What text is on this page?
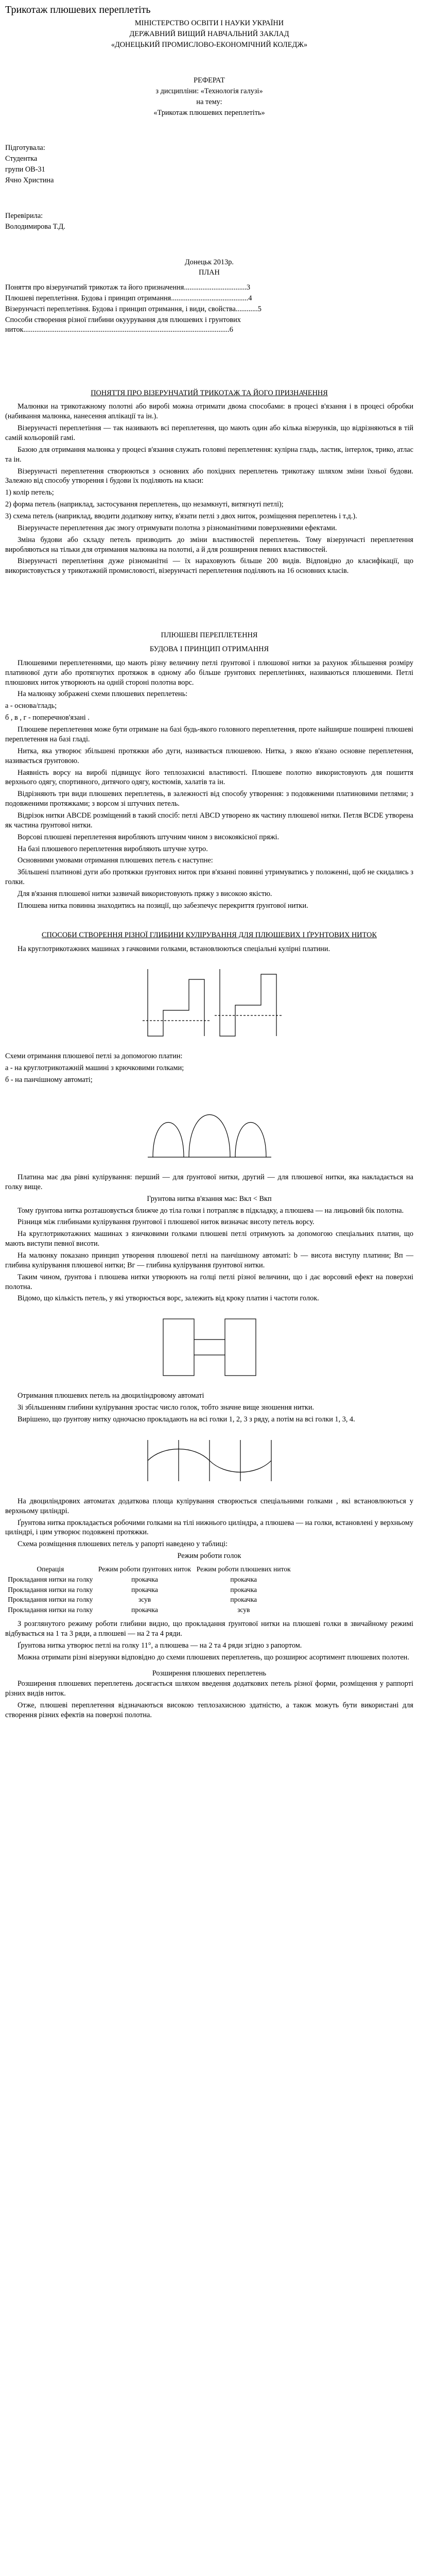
Трикотаж плюшевих переплетіть
МІНІСТЕРСТВО ОСВІТИ І НАУКИ УКРАЇНИ
ДЕРЖАВНИЙ ВИЩИЙ НАВЧАЛЬНИЙ ЗАКЛАД
«ДОНЕЦЬКИЙ ПРОМИСЛОВО-ЕКОНОМІЧНИЙ КОЛЕДЖ»
РЕФЕРАТ
з дисципліни: «Технологія галузі»
на тему:
«Трикотаж плюшевих переплетіть»
Підготувала:
Студентка
групи ОВ-31
Ячно Христина
Перевірила:
Володимирова Т.Д.
Донецьк 2013р.
ПЛАН
Поняття про візерунчатий трикотаж та його призначення..................................3
Плюшеві переплетіння. Будова і принцип отримання..........................................4
Візерунчасті переплетіння. Будова і принцип отримання, і види, свойства............5
Способи створення різної глибини окуурування для плюшевих і грунтових ниток................................................................................................................6
ПОНЯТТЯ ПРО ВІЗЕРУНЧАТИЙ ТРИКОТАЖ ТА ЙОГО ПРИЗНАЧЕННЯ

Малюнки на трикотажному полотні або виробі можна отримати двома способами: в процесі в'язання і в процесі обробки (набивання малюнка, нанесення аплікації та ін.).

Візерунчасті переплетіння — так називають всі переплетення, що мають один або кілька візерунків, що відрізняються в тій самій кольоровій гамі.

Базою для отримання малюнка у процесі в'язання служать головні переплетення: кулірна гладь, ластик, інтерлок, трико, атлас та ін.

Візерунчасті переплетення створюються з основних або похідних переплетень трикотажу шляхом зміни їхньої будови. Залежно від способу утворення і будови їх поділяють на класи:

1) колір петель;

2) форма петель (наприклад, застосування переплетень, що незамкнуті, витягнуті петлі);

3) схема петель (наприклад, вводити додаткову нитку, в'язати петлі з двох ниток, розміщення переплетень і т.д.).

Візерунчасте переплетення дає змогу отримувати полотна з різноманітними поверхневими ефектами.

Зміна будови або складу петель призводить до зміни властивостей переплетень. Тому візерунчасті переплетення виробляються на тільки для отримання малюнка на полотні, а й для розширення певних властивостей.

Візерунчасті переплетіння дуже різноманітні — їх нараховують більше 200 видів. Відповідно до класифікації, що використовується у трикотажній промисловості, візерунчасті переплетення поділяють на 16 основних класів.

ПЛЮШЕВІ ПЕРЕПЛЕТЕННЯ
БУДОВА І ПРИНЦИП ОТРИМАННЯ

Плюшевими переплетеннями, що мають різну величину петлі ґрунтової і плюшової нитки за рахунок збільшення розміру платинової дуги або протягнутих протяжок в одному або більше ґрунтових переплетіннях, називаються плюшевими. Петлі плюшових ниток утворюють на одній стороні полотна ворс.

На малюнку зображені схеми плюшевих переплетень:

а - основа/гладь;

б , в , г - поперечнов'язані .

Плюшеве переплетення може бути отримане на базі будь-якого головного переплетення, проте найширше поширені плюшеві переплетення на базі гладі.

Нитка, яка утворює збільшені протяжки або дуги, називається плюшевою. Нитка, з якою в'язано основне переплетення, називається ґрунтовою.

Наявність ворсу на виробі підвищує його теплозахисні властивості. Плюшеве полотно використовують для пошиття верхнього одягу, спортивного, дитячого одягу, костюмів, халатів та ін.

Відрізняють три види плюшевих переплетень, в залежності від способу утворення: з подовженими платиновими петлями; з подовженими протяжками; з ворсом зі штучних петель.

Відрізок нитки ABCDE розміщений в такий спосіб: петлі ABCD утворено як частину плюшевої нитки. Петля BCDE утворена як частина ґрунтової нитки.

Ворсові плюшеві переплетення виробляють штучним чином з високоякісної пряжі.

На базі плюшевого переплетення виробляють штучне хутро.

Основними умовами отримання плюшевих петель є наступне:

Збільшені платинові дуги або протяжки ґрунтових ниток при в'язанні повинні утримуватись у положенні, щоб не скидались з голки.

Для в'язання плюшевої нитки зазвичай використовують пряжу з високою якістю.

Плюшева нитка повинна знаходитись на позиції, що забезпечує перекриття ґрунтової нитки.

СПОСОБИ СТВОРЕННЯ РІЗНОЇ ГЛИБИНИ КУЛІРУВАННЯ ДЛЯ ПЛЮШЕВИХ І ҐРУНТОВИХ НИТОК

На круглотрикотажних машинах з гачковими голками, встановлюються спеціальні кулірні платини.

Схеми отримання плюшевої петлі за допомогою платин:

а - на круглотрикотажній машині з крючковими голками;

б - на панчішному автоматі;

Платина має два рівні кулірування: перший — для ґрунтової нитки, другий — для плюшевої нитки, яка накладається на голку вище.

Грунтова нитка в'язання має: Вкл < Вкп

Тому ґрунтова нитка розташовується ближче до тіла голки і потрапляє в підкладку, а плюшева — на лицьовий бік полотна.

Різниця між глибинами кулірування ґрунтової і плюшевої ниток визначає висоту петель ворсу.

На круглотрикотажних машинах з язичковими голками плюшеві петлі отримують за допомогою спеціальних платин, що мають виступи певної висоти.

На малюнку показано принцип утворення плюшевої петлі на панчішному автоматі: b — висота виступу платини; Вп — глибина кулірування плюшевої нитки; Вг — глибина кулірування ґрунтової нитки.

Таким чином, ґрунтова і плюшева нитки утворюють на голці петлі різної величини, що і дає ворсовий ефект на поверхні полотна.

Відомо, що кількість петель, у які утворюється ворс, залежить від кроку платин і частоти голок.

Отримання плюшевих петель на двоциліндровому автоматі

Зі збільшенням глибини кулірування зростає число голок, тобто значне вище зношення нитки.

Вирішено, що ґрунтову нитку одночасно прокладають на всі голки 1, 2, 3 з ряду, а потім на всі голки 1, 3, 4.

На двоциліндрових автоматах додаткова площа кулірування створюється спеціальними голками , які встановлюються у верхньому циліндрі.

Ґрунтова нитка прокладається робочими голками на тілі нижнього циліндра, а плюшева — на голки, встановлені у верхньому циліндрі, і цим утворює подовжені протяжки.

Схема розміщення плюшевих петель у рапорті наведено у таблиці:

Режим роботи голок
Операція	Режим роботи ґрунтових ниток	Режим роботи плюшевих ниток
Прокладання нитки на голку	прокачка	прокачка
Прокладання нитки на голку	прокачка	прокачка
Прокладання нитки на голку	зсув	прокачка
Прокладання нитки на голку	прокачка	зсув

З розглянутого режиму роботи глибини видно, що прокладання ґрунтової нитки на плюшеві голки в звичайному режимі відбувається на 1 та 3 ряди, а плюшеві — на 2 та 4 ряди.

Ґрунтова нитка утворює петлі на голку 11°, а плюшева — на 2 та 4 ряди згідно з рапортом.

Можна отримати різні візерунки відповідно до схеми плюшевих переплетень, що розширює асортимент плюшевих полотен.

Розширення плюшевих переплетень

Розширення плюшевих переплетень досягається шляхом введення додаткових петель різної форми, розміщення у раппорті різних видів ниток.

Отже, плюшеві переплетення відзначаються високою теплозахисною здатністю, а також можуть бути використані для створення різних ефектів на поверхні полотна.
